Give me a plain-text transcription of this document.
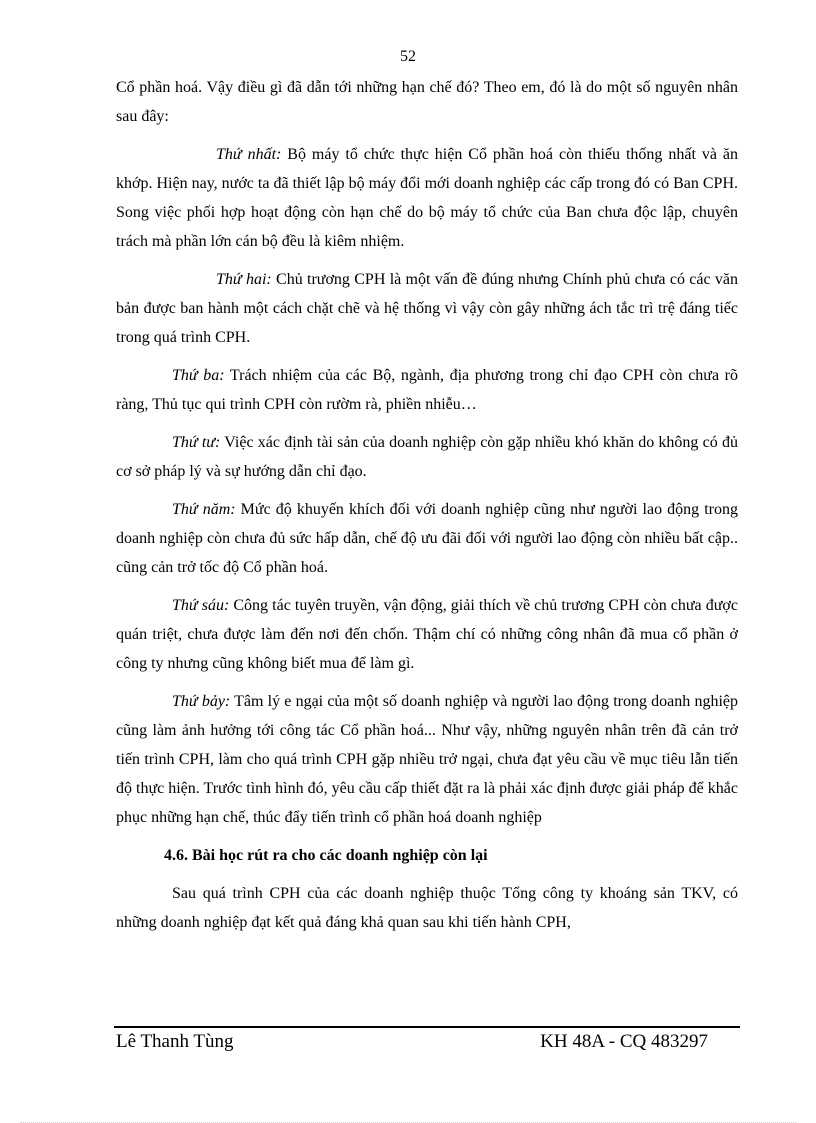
52

Cổ phần hoá. Vậy điều gì đã dẫn tới những hạn chế đó? Theo em, đó là do một số nguyên nhân sau đây:

Thứ nhất: Bộ máy tổ chức thực hiện Cổ phần hoá còn thiếu thống nhất và ăn khớp. Hiện nay, nước ta đã thiết lập bộ máy đổi mới doanh nghiệp các cấp trong đó có Ban CPH. Song việc phối hợp hoạt động còn hạn chế do bộ máy tổ chức của Ban chưa độc lập, chuyên trách mà phần lớn cán bộ đều là kiêm nhiệm.

Thứ hai: Chủ trương CPH là một vấn đề đúng nhưng Chính phủ chưa có các văn bản được ban hành một cách chặt chẽ và hệ thống vì vậy còn gây những ách tắc trì trệ đáng tiếc trong quá trình CPH.

Thứ ba: Trách nhiệm của các Bộ, ngành, địa phương trong chỉ đạo CPH còn chưa rõ ràng, Thủ tục qui trình CPH còn rườm rà, phiền nhiễu…

Thứ tư: Việc xác định tài sản của doanh nghiệp còn gặp nhiều khó khăn do không có đủ cơ sở pháp lý và sự hướng dẫn chỉ đạo.

Thứ năm: Mức độ khuyến khích đối với doanh nghiệp cũng như người lao động trong doanh nghiệp còn chưa đủ sức hấp dẫn, chế độ ưu đãi đối với người lao động còn nhiều bất cập.. cũng cản trở tốc độ Cổ phần hoá.

Thứ sáu: Công tác tuyên truyền, vận động, giải thích về chủ trương CPH còn chưa được quán triệt, chưa được làm đến nơi đến chốn. Thậm chí có những công nhân đã mua cổ phần ở công ty nhưng cũng không biết mua để làm gì.

Thứ bảy: Tâm lý e ngại của một số doanh nghiệp và người lao động trong doanh nghiệp cũng làm ảnh hưởng tới công tác Cổ phần hoá... Như vậy, những nguyên nhân trên đã cản trở tiến trình CPH, làm cho quá trình CPH gặp nhiều trở ngại, chưa đạt yêu cầu về mục tiêu lẫn tiến độ thực hiện. Trước tình hình đó, yêu cầu cấp thiết đặt ra là phải xác định được giải pháp để khắc phục những hạn chế, thúc đẩy tiến trình cổ phần hoá doanh nghiệp

4.6. Bài học rút ra cho các doanh nghiệp còn lại

Sau quá trình CPH của các doanh nghiệp thuộc Tổng công ty khoáng sản TKV, có những doanh nghiệp đạt kết quả đáng khả quan sau khi tiến hành CPH,

Lê Thanh Tùng	KH 48A - CQ 483297
